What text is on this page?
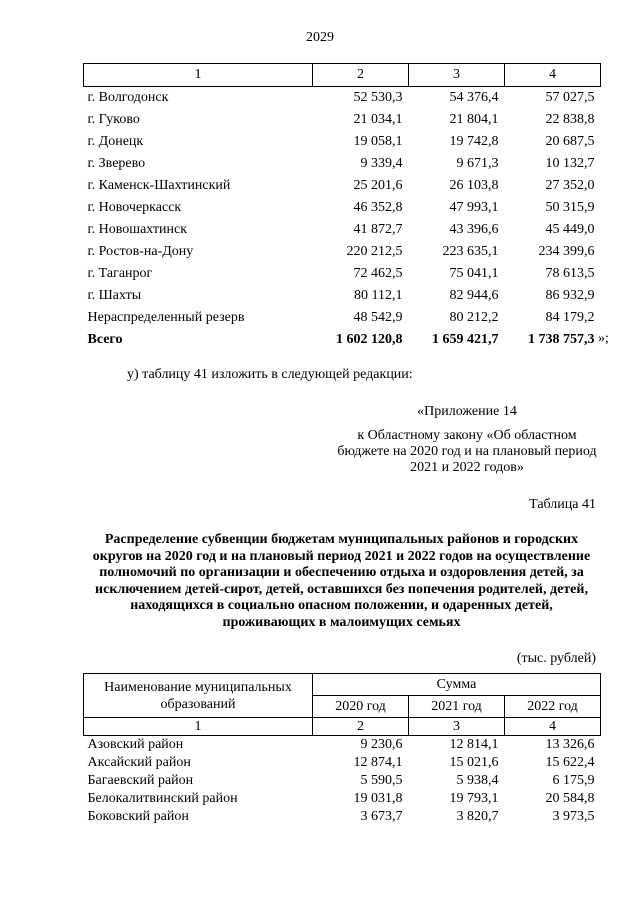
2029
1	2	3	4
г. Волгодонск	52 530,3	54 376,4	57 027,5
г. Гуково	21 034,1	21 804,1	22 838,8
г. Донецк	19 058,1	19 742,8	20 687,5
г. Зверево	9 339,4	9 671,3	10 132,7
г. Каменск-Шахтинский	25 201,6	26 103,8	27 352,0
г. Новочеркасск	46 352,8	47 993,1	50 315,9
г. Новошахтинск	41 872,7	43 396,6	45 449,0
г. Ростов-на-Дону	220 212,5	223 635,1	234 399,6
г. Таганрог	72 462,5	75 041,1	78 613,5
г. Шахты	80 112,1	82 944,6	86 932,9
Нераспределенный резерв	48 542,9	80 212,2	84 179,2
Всего	1 602 120,8	1 659 421,7	1 738 757,3 »;
у) таблицу 41 изложить в следующей редакции:
«Приложение 14
к Областному закону «Об областном бюджете на 2020 год и на плановый период 2021 и 2022 годов»
Таблица 41
Распределение субвенции бюджетам муниципальных районов и городских округов на 2020 год и на плановый период 2021 и 2022 годов на осуществление полномочий по организации и обеспечению отдыха и оздоровления детей, за исключением детей-сирот, детей, оставшихся без попечения родителей, детей, находящихся в социально опасном положении, и одаренных детей, проживающих в малоимущих семьях
(тыс. рублей)
Наименование муниципальных образований	Сумма		
	2020 год	2021 год	2022 год
1	2	3	4
Азовский район	9 230,6	12 814,1	13 326,6
Аксайский район	12 874,1	15 021,6	15 622,4
Багаевский район	5 590,5	5 938,4	6 175,9
Белокалитвинский район	19 031,8	19 793,1	20 584,8
Боковский район	3 673,7	3 820,7	3 973,5
